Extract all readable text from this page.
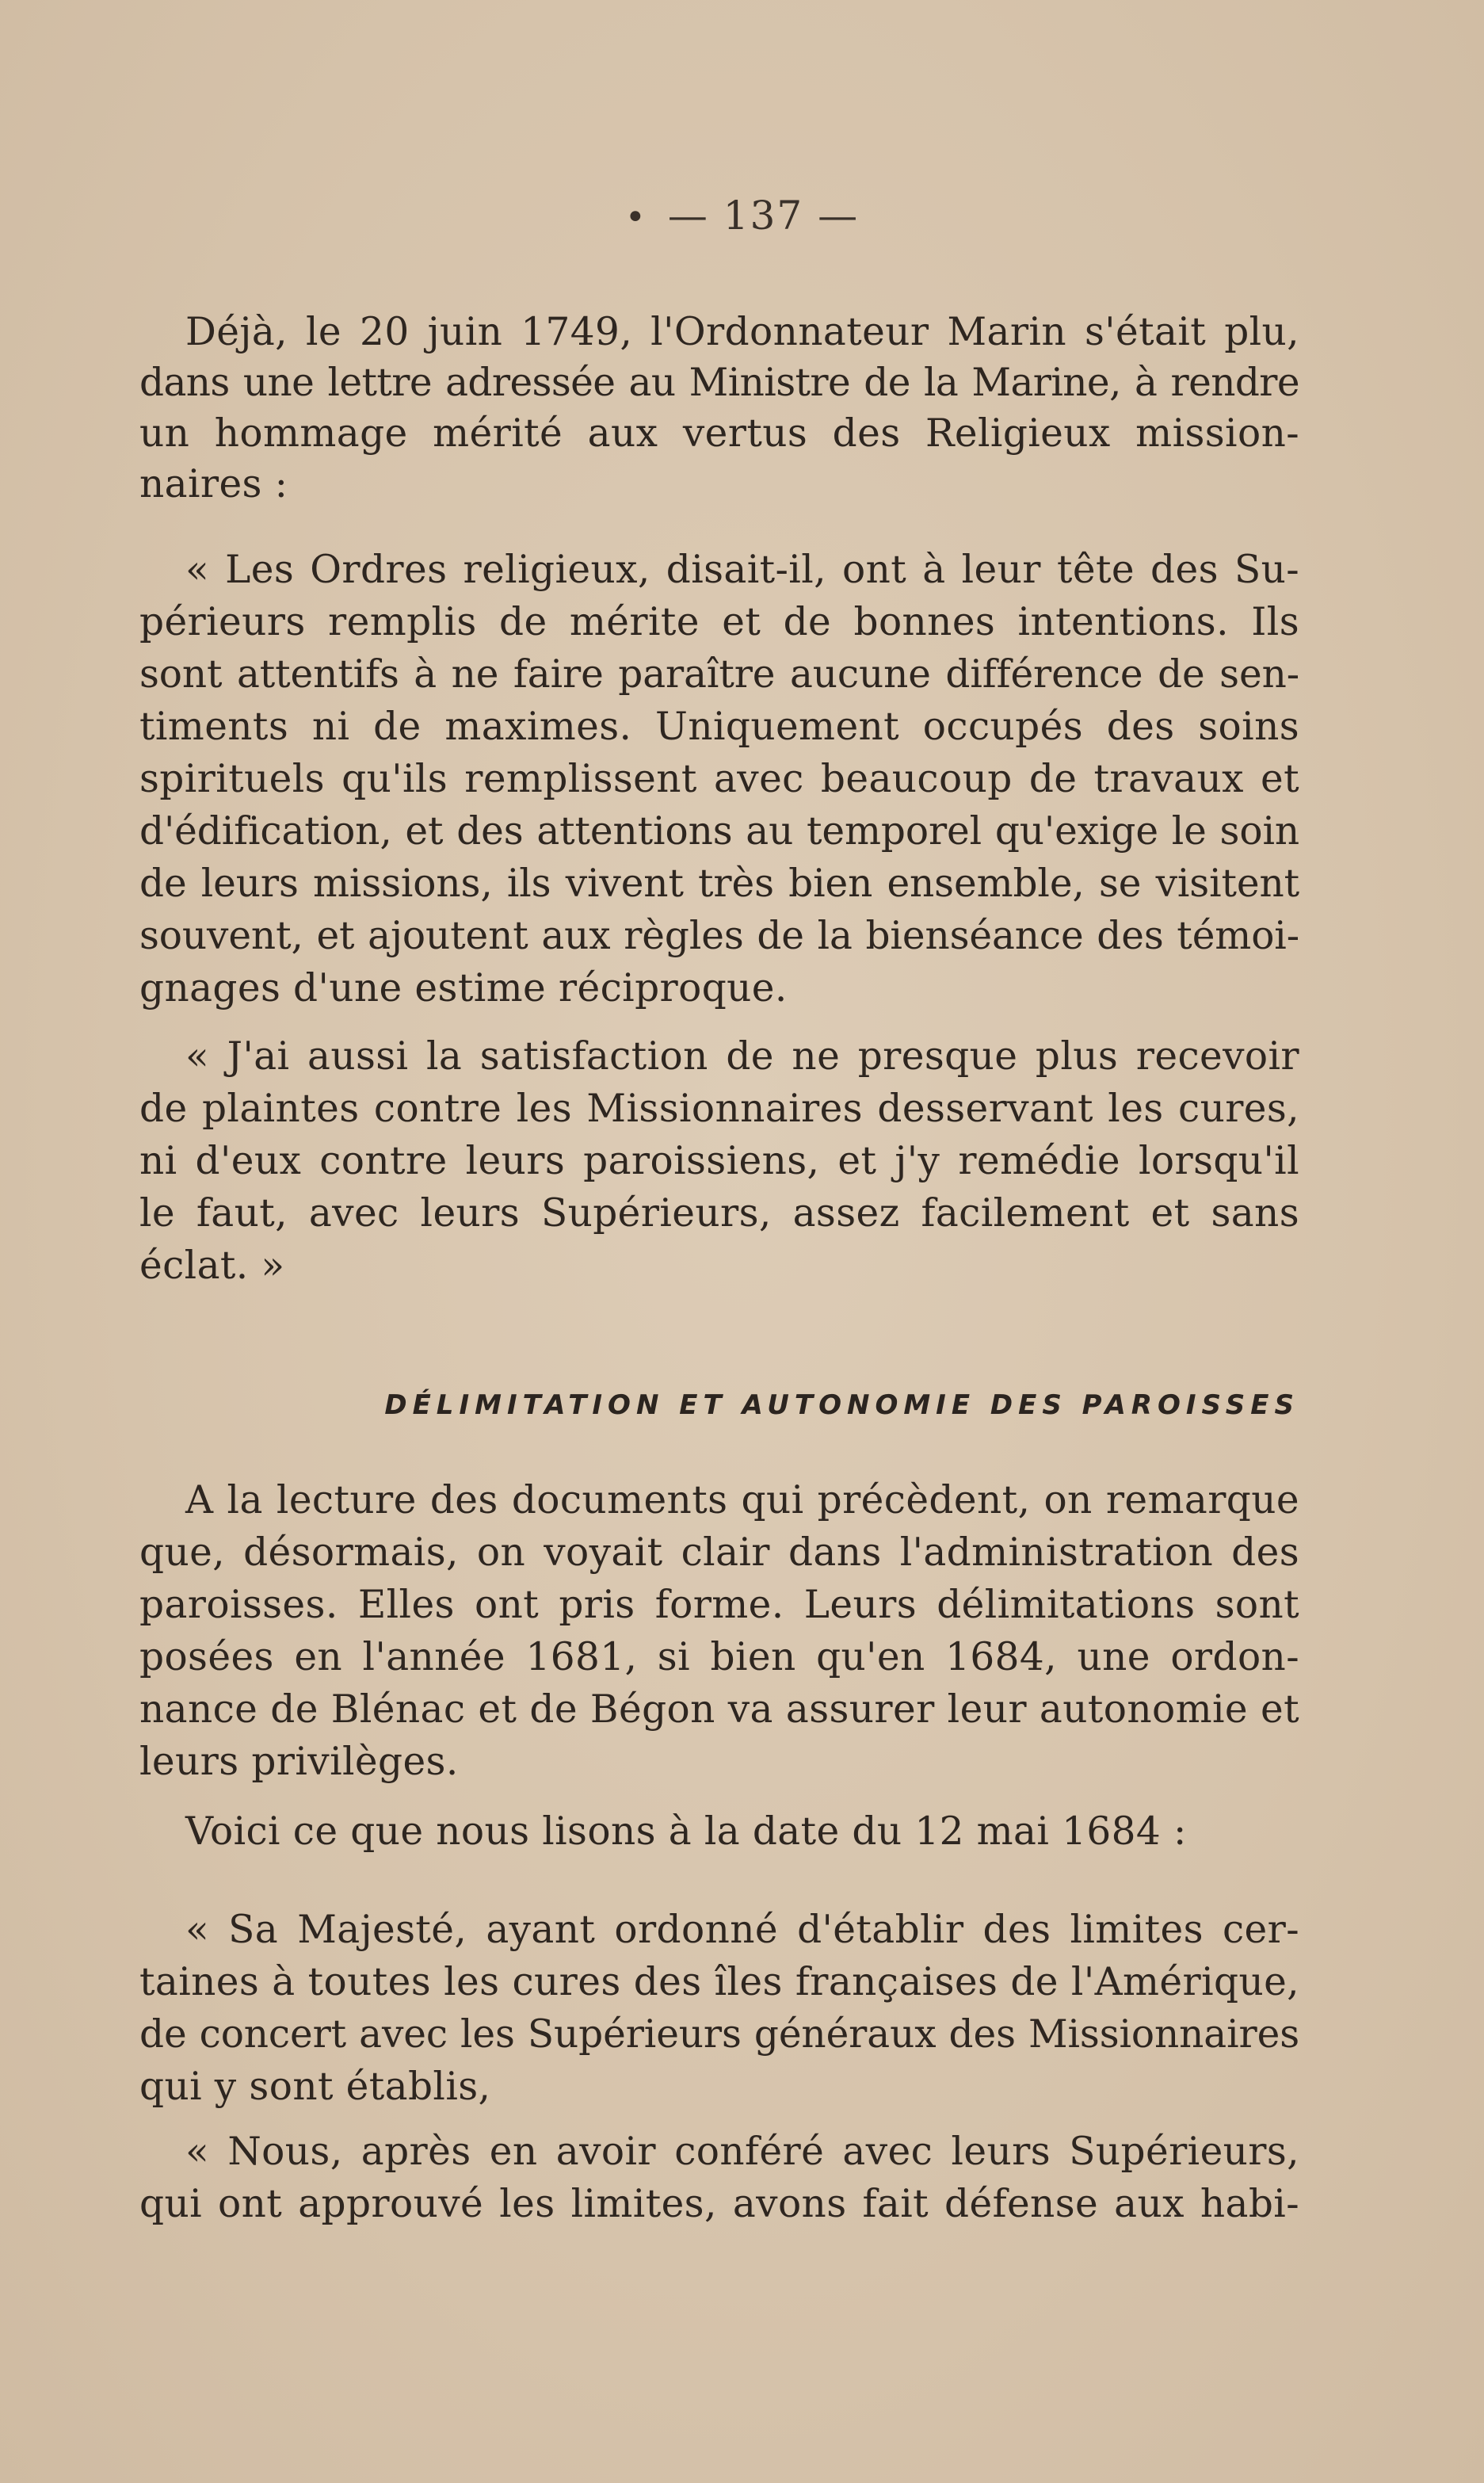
• — 137 —
Déjà, le 20 juin 1749, l'Ordonnateur Marin s'était plu,
dans une lettre adressée au Ministre de la Marine, à rendre
un hommage mérité aux vertus des Religieux mission-
naires :
« Les Ordres religieux, disait-il, ont à leur tête des Su-
périeurs remplis de mérite et de bonnes intentions. Ils
sont attentifs à ne faire paraître aucune différence de sen-
timents ni de maximes. Uniquement occupés des soins
spirituels qu'ils remplissent avec beaucoup de travaux et
d'édification, et des attentions au temporel qu'exige le soin
de leurs missions, ils vivent très bien ensemble, se visitent
souvent, et ajoutent aux règles de la bienséance des témoi-
gnages d'une estime réciproque.
« J'ai aussi la satisfaction de ne presque plus recevoir
de plaintes contre les Missionnaires desservant les cures,
ni d'eux contre leurs paroissiens, et j'y remédie lorsqu'il
le faut, avec leurs Supérieurs, assez facilement et sans
éclat. »
DÉLIMITATION ET AUTONOMIE DES PAROISSES
A la lecture des documents qui précèdent, on remarque
que, désormais, on voyait clair dans l'administration des
paroisses. Elles ont pris forme. Leurs délimitations sont
posées en l'année 1681, si bien qu'en 1684, une ordon-
nance de Blénac et de Bégon va assurer leur autonomie et
leurs privilèges.
Voici ce que nous lisons à la date du 12 mai 1684 :
« Sa Majesté, ayant ordonné d'établir des limites cer-
taines à toutes les cures des îles françaises de l'Amérique,
de concert avec les Supérieurs généraux des Missionnaires
qui y sont établis,
« Nous, après en avoir conféré avec leurs Supérieurs,
qui ont approuvé les limites, avons fait défense aux habi-
